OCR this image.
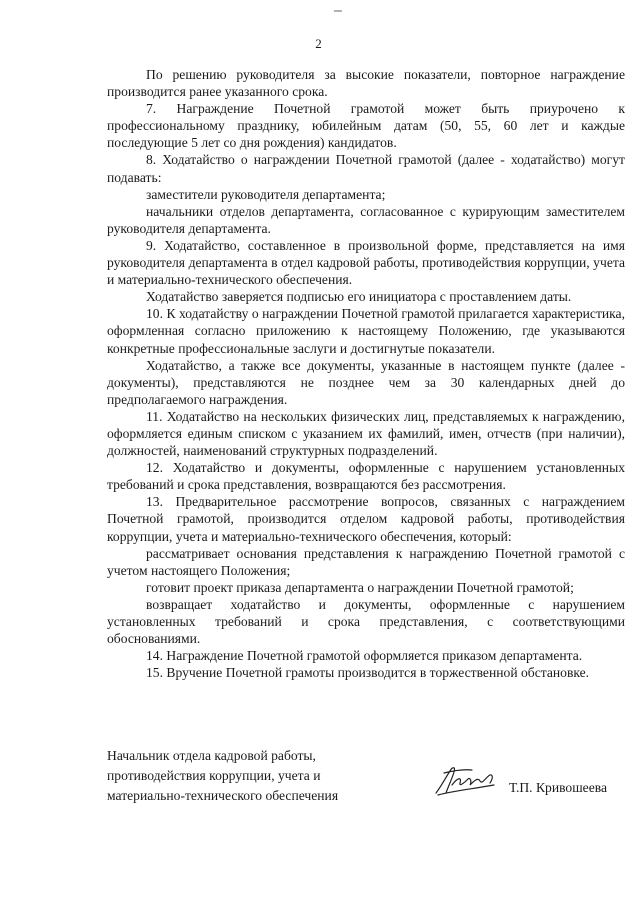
2

По решению руководителя за высокие показатели, повторное награждение производится ранее указанного срока.

7. Награждение Почетной грамотой может быть приурочено к профессиональному празднику, юбилейным датам (50, 55, 60 лет и каждые последующие 5 лет со дня рождения) кандидатов.

8. Ходатайство о награждении Почетной грамотой (далее - ходатайство) могут подавать:

заместители руководителя департамента;

начальники отделов департамента, согласованное с курирующим заместителем руководителя департамента.

9. Ходатайство, составленное в произвольной форме, представляется на имя руководителя департамента в отдел кадровой работы, противодействия коррупции, учета и материально-технического обеспечения.

Ходатайство заверяется подписью его инициатора с проставлением даты.

10. К ходатайству о награждении Почетной грамотой прилагается характеристика, оформленная согласно приложению к настоящему Положению, где указываются конкретные профессиональные заслуги и достигнутые показатели.

Ходатайство, а также все документы, указанные в настоящем пункте (далее - документы), представляются не позднее чем за 30 календарных дней до предполагаемого награждения.

11. Ходатайство на нескольких физических лиц, представляемых к награждению, оформляется единым списком с указанием их фамилий, имен, отчеств (при наличии), должностей, наименований структурных подразделений.

12. Ходатайство и документы, оформленные с нарушением установленных требований и срока представления, возвращаются без рассмотрения.

13. Предварительное рассмотрение вопросов, связанных с награждением Почетной грамотой, производится отделом кадровой работы, противодействия коррупции, учета и материально-технического обеспечения, который:

рассматривает основания представления к награждению Почетной грамотой с учетом настоящего Положения;

готовит проект приказа департамента о награждении Почетной грамотой;

возвращает ходатайство и документы, оформленные с нарушением установленных требований и срока представления, с соответствующими обоснованиями.

14. Награждение Почетной грамотой оформляется приказом департамента.

15. Вручение Почетной грамоты производится в торжественной обстановке.

Начальник отдела кадровой работы,
противодействия коррупции, учета и
материально-технического обеспечения
Т.П. Кривошеева
